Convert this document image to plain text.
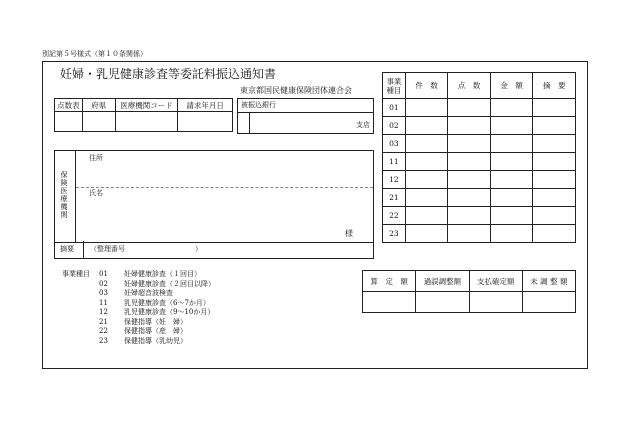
別記第５号様式（第１０条関係）
妊婦・乳児健康診査等委託料振込通知書
東京都国民健康保険団体連合会
点数表	府県	医療機関コード	請求年月日
			被振込銀行
支店
保険医療機関
住所
氏名
様
摘要 （整理番号　　　　　　　　　　）
事業
種目	件　数	点　数	金　額	摘　要
01				
02				
03				
11				
12				
21				
22				
23				
事業種目 01 妊婦健康診査（１回目）
02 妊婦健康診査（２回目以降）
03 妊婦超音波検査
11 乳児健康診査（6〜7か月）
12 乳児健康診査（9〜10か月）
21 保健指導（妊　婦）
22 保健指導（産　婦）
23 保健指導（乳幼児）
算　定　額	過誤調整額	支払確定額	未 調 整 額
